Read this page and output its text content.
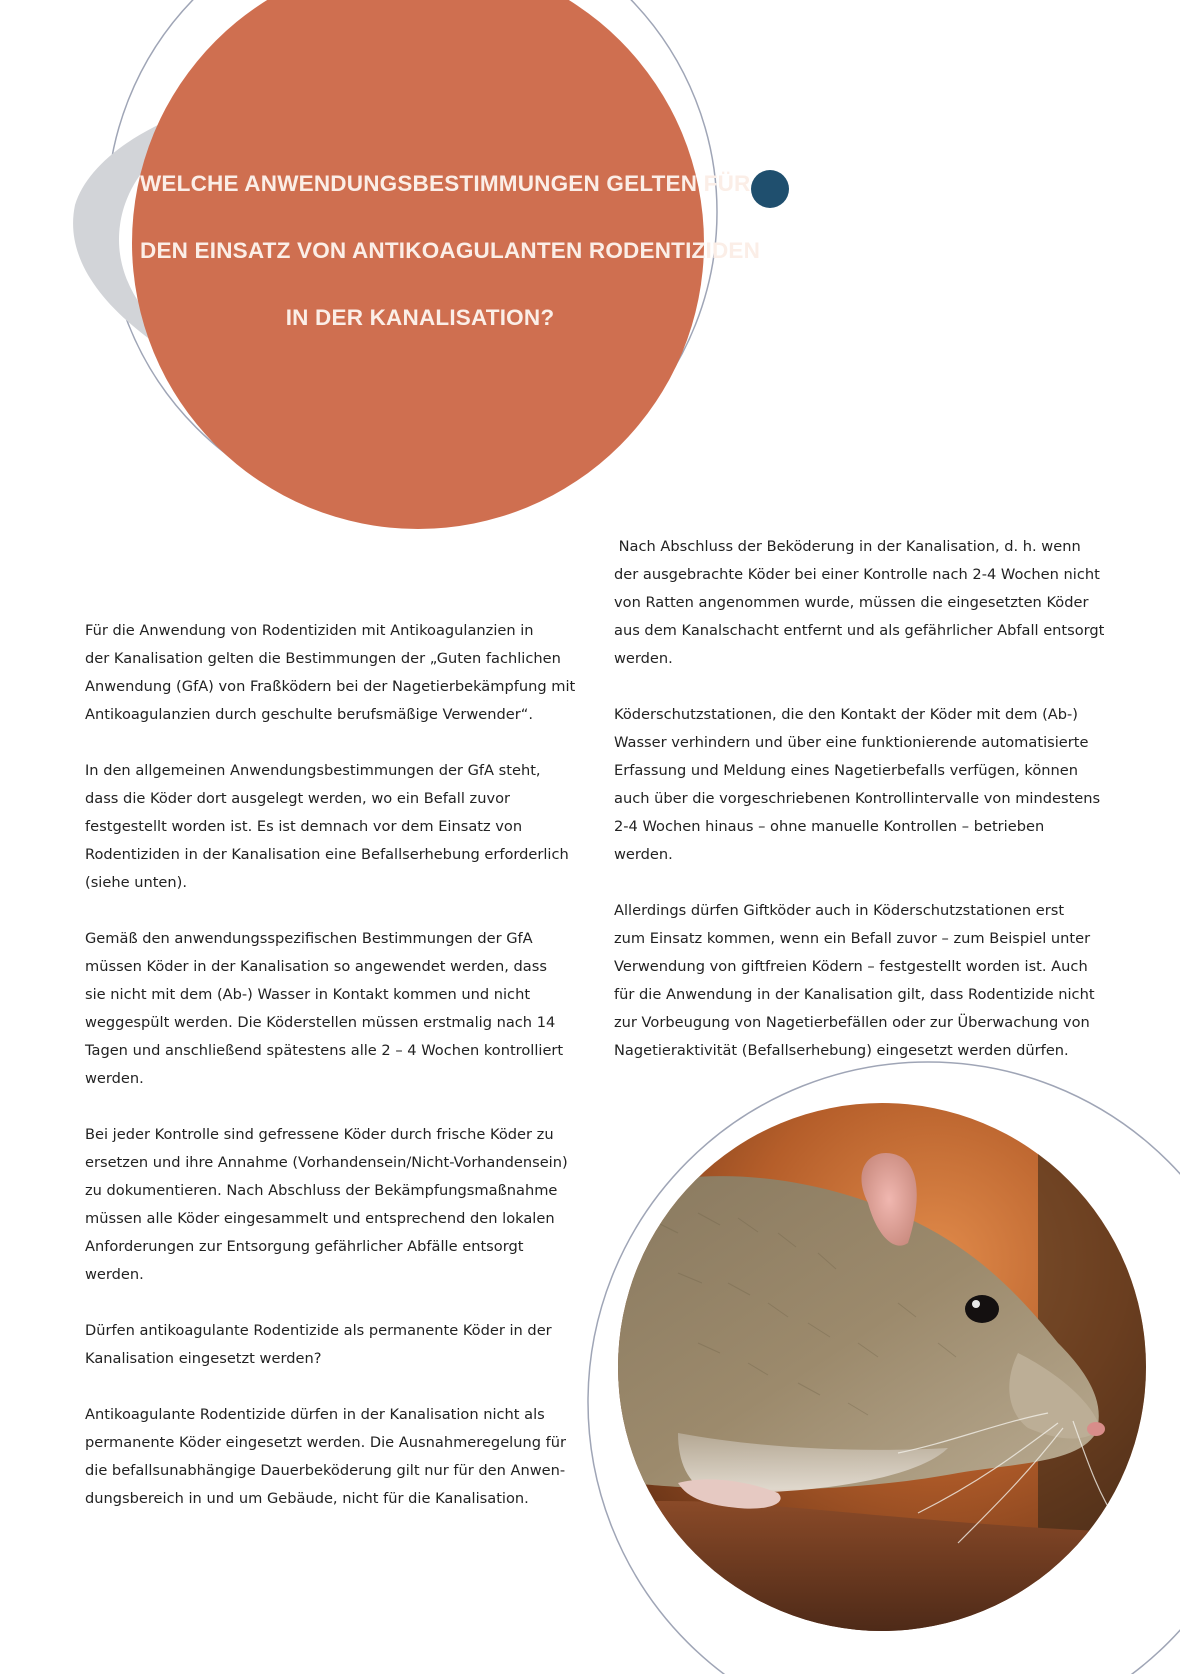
WELCHE ANWENDUNGSBESTIMMUNGEN GELTEN FÜR
DEN EINSATZ VON ANTIKOAGULANTEN RODENTIZIDEN
IN DER KANALISATION?

Für die Anwendung von Rodentiziden mit Antikoagulanzien in
der Kanalisation gelten die Bestimmungen der „Guten fachlichen
Anwendung (GfA) von Fraßködern bei der Nagetierbekämpfung mit
Antikoagulanzien durch geschulte berufsmäßige Verwender“.

In den allgemeinen Anwendungsbestimmungen der GfA steht,
dass die Köder dort ausgelegt werden, wo ein Befall zuvor
festgestellt worden ist. Es ist demnach vor dem Einsatz von
Rodentiziden in der Kanalisation eine Befallserhebung erforderlich
(siehe unten).

Gemäß den anwendungsspezifischen Bestimmungen der GfA
müssen Köder in der Kanalisation so angewendet werden, dass
sie nicht mit dem (Ab-) Wasser in Kontakt kommen und nicht
weggespült werden. Die Köderstellen müssen erstmalig nach 14
Tagen und anschließend spätestens alle 2 – 4 Wochen kontrolliert
werden.

Bei jeder Kontrolle sind gefressene Köder durch frische Köder zu
ersetzen und ihre Annahme (Vorhandensein/Nicht-Vorhandensein)
zu dokumentieren. Nach Abschluss der Bekämpfungsmaßnahme
müssen alle Köder eingesammelt und entsprechend den lokalen
Anforderungen zur Entsorgung gefährlicher Abfälle entsorgt
werden.

Dürfen antikoagulante Rodentizide als permanente Köder in der
Kanalisation eingesetzt werden?

Antikoagulante Rodentizide dürfen in der Kanalisation nicht als
permanente Köder eingesetzt werden. Die Ausnahmeregelung für
die befallsunabhängige Dauerbeköderung gilt nur für den Anwen-
dungsbereich in und um Gebäude, nicht für die Kanalisation.

Nach Abschluss der Beköderung in der Kanalisation, d. h. wenn
der ausgebrachte Köder bei einer Kontrolle nach 2-4 Wochen nicht
von Ratten angenommen wurde, müssen die eingesetzten Köder
aus dem Kanalschacht entfernt und als gefährlicher Abfall entsorgt
werden.

Köderschutzstationen, die den Kontakt der Köder mit dem (Ab-)
Wasser verhindern und über eine funktionierende automatisierte
Erfassung und Meldung eines Nagetierbefalls verfügen, können
auch über die vorgeschriebenen Kontrollintervalle von mindestens
2-4 Wochen hinaus – ohne manuelle Kontrollen – betrieben
werden.

Allerdings dürfen Giftköder auch in Köderschutzstationen erst
zum Einsatz kommen, wenn ein Befall zuvor – zum Beispiel unter
Verwendung von giftfreien Ködern – festgestellt worden ist. Auch
für die Anwendung in der Kanalisation gilt, dass Rodentizide nicht
zur Vorbeugung von Nagetierbefällen oder zur Überwachung von
Nagetieraktivität (Befallserhebung) eingesetzt werden dürfen.
